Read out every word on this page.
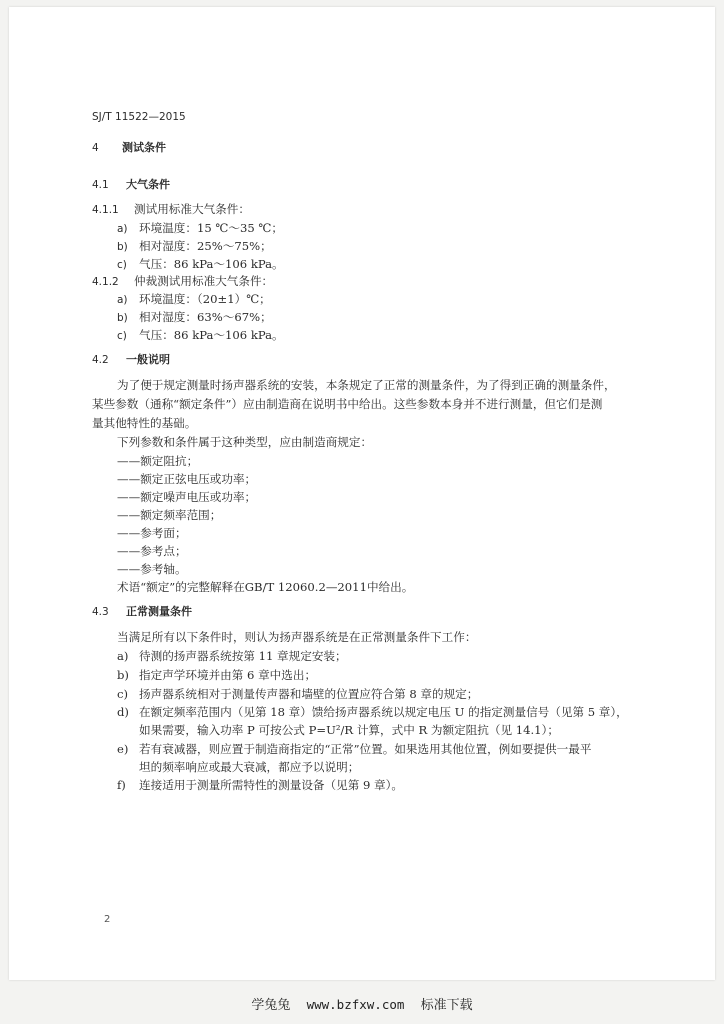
SJ/T 11522—2015
4 测试条件
4.1 大气条件
4.1.1 测试用标准大气条件：
a) 环境温度：15 ℃～35 ℃；
b) 相对湿度：25%～75%；
c) 气压：86 kPa～106 kPa。
4.1.2 仲裁测试用标准大气条件：
a) 环境温度：（20±1）℃；
b) 相对湿度：63%～67%；
c) 气压：86 kPa～106 kPa。
4.2 一般说明
为了便于规定测量时扬声器系统的安装，本条规定了正常的测量条件，为了得到正确的测量条件，
某些参数（通称“额定条件”）应由制造商在说明书中给出。这些参数本身并不进行测量，但它们是测
量其他特性的基础。
下列参数和条件属于这种类型，应由制造商规定：
——额定阻抗；
——额定正弦电压或功率；
——额定噪声电压或功率；
——额定频率范围；
——参考面；
——参考点；
——参考轴。
术语“额定”的完整解释在GB/T 12060.2—2011中给出。
4.3 正常测量条件
当满足所有以下条件时，则认为扬声器系统是在正常测量条件下工作：
a) 待测的扬声器系统按第 11 章规定安装；
b) 指定声学环境并由第 6 章中选出；
c) 扬声器系统相对于测量传声器和墙壁的位置应符合第 8 章的规定；
d) 在额定频率范围内（见第 18 章）馈给扬声器系统以规定电压 U 的指定测量信号（见第 5 章），
如果需要，输入功率 P 可按公式 P=U²/R 计算，式中 R 为额定阻抗（见 14.1）；
e) 若有衰减器，则应置于制造商指定的“正常”位置。如果选用其他位置，例如要提供一最平
坦的频率响应或最大衰减，都应予以说明；
f) 连接适用于测量所需特性的测量设备（见第 9 章）。
2
学兔兔 www.bzfxw.com 标准下载
